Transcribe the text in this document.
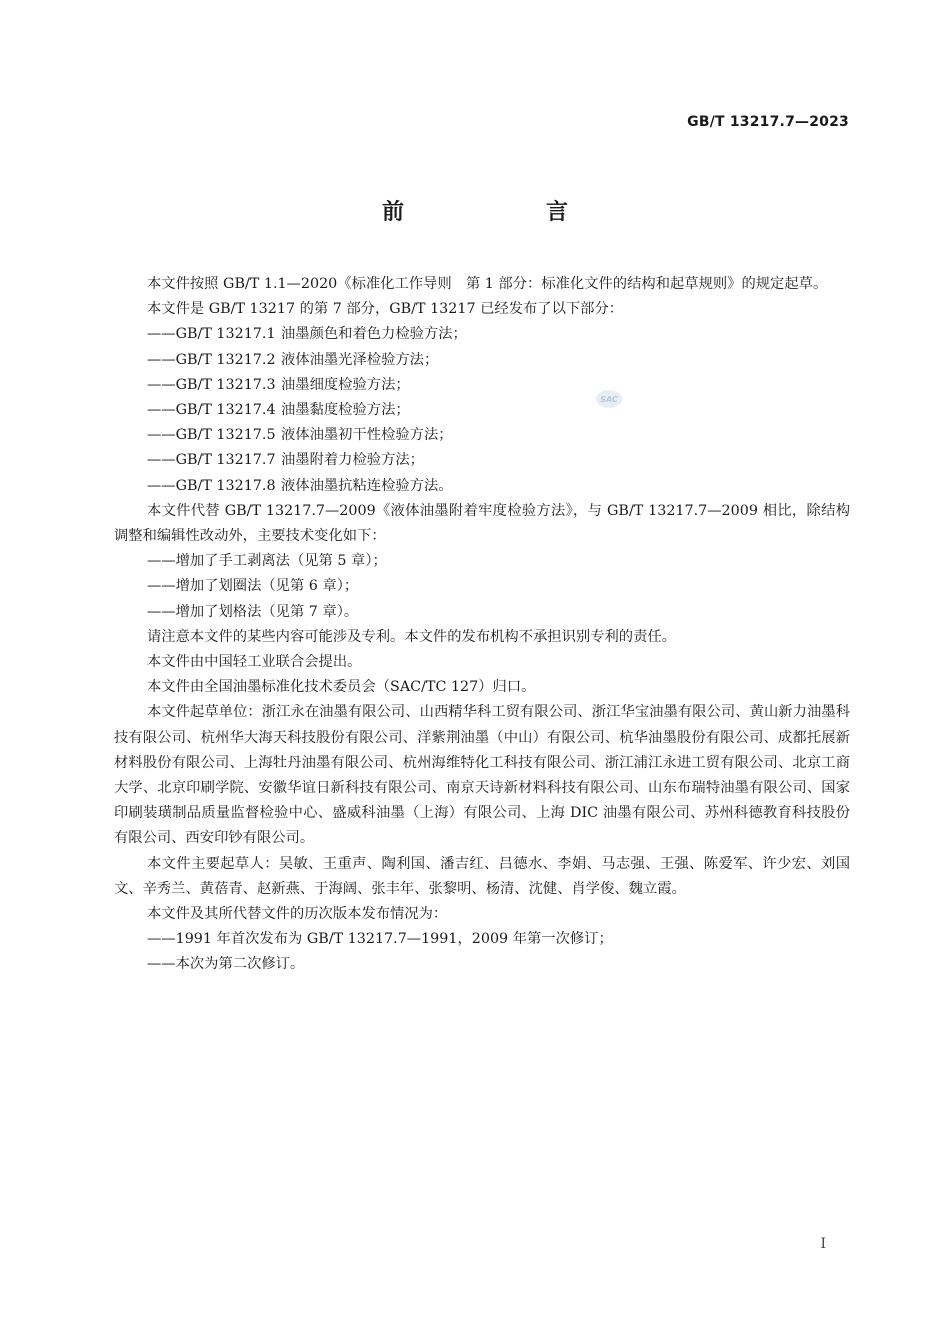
GB/T 13217.7—2023
前　言
SAC

本文件按照 GB/T 1.1—2020《标准化工作导则　第 1 部分：标准化文件的结构和起草规则》的规定起草。

本文件是 GB/T 13217 的第 7 部分，GB/T 13217 已经发布了以下部分：

——GB/T 13217.1 油墨颜色和着色力检验方法；

——GB/T 13217.2 液体油墨光泽检验方法；

——GB/T 13217.3 油墨细度检验方法；

——GB/T 13217.4 油墨黏度检验方法；

——GB/T 13217.5 液体油墨初干性检验方法；

——GB/T 13217.7 油墨附着力检验方法；

——GB/T 13217.8 液体油墨抗粘连检验方法。

本文件代替 GB/T 13217.7—2009《液体油墨附着牢度检验方法》，与 GB/T 13217.7—2009 相比，除结构调整和编辑性改动外，主要技术变化如下：

——增加了手工剥离法（见第 5 章）；

——增加了划圈法（见第 6 章）；

——增加了划格法（见第 7 章）。

请注意本文件的某些内容可能涉及专利。本文件的发布机构不承担识别专利的责任。

本文件由中国轻工业联合会提出。

本文件由全国油墨标准化技术委员会（SAC/TC 127）归口。

本文件起草单位：浙江永在油墨有限公司、山西精华科工贸有限公司、浙江华宝油墨有限公司、黄山新力油墨科技有限公司、杭州华大海天科技股份有限公司、洋紫荆油墨（中山）有限公司、杭华油墨股份有限公司、成都托展新材料股份有限公司、上海牡丹油墨有限公司、杭州海维特化工科技有限公司、浙江浦江永进工贸有限公司、北京工商大学、北京印刷学院、安徽华谊日新科技有限公司、南京天诗新材料科技有限公司、山东布瑞特油墨有限公司、国家印刷装璜制品质量监督检验中心、盛威科油墨（上海）有限公司、上海 DIC 油墨有限公司、苏州科德教育科技股份有限公司、西安印钞有限公司。

本文件主要起草人：吴敏、王重声、陶利国、潘吉红、吕德水、李娟、马志强、王强、陈爱军、许少宏、刘国文、辛秀兰、黄蓓青、赵新燕、于海阔、张丰年、张黎明、杨清、沈健、肖学俊、魏立霞。

本文件及其所代替文件的历次版本发布情况为：

——1991 年首次发布为 GB/T 13217.7—1991，2009 年第一次修订；

——本次为第二次修订。

I
